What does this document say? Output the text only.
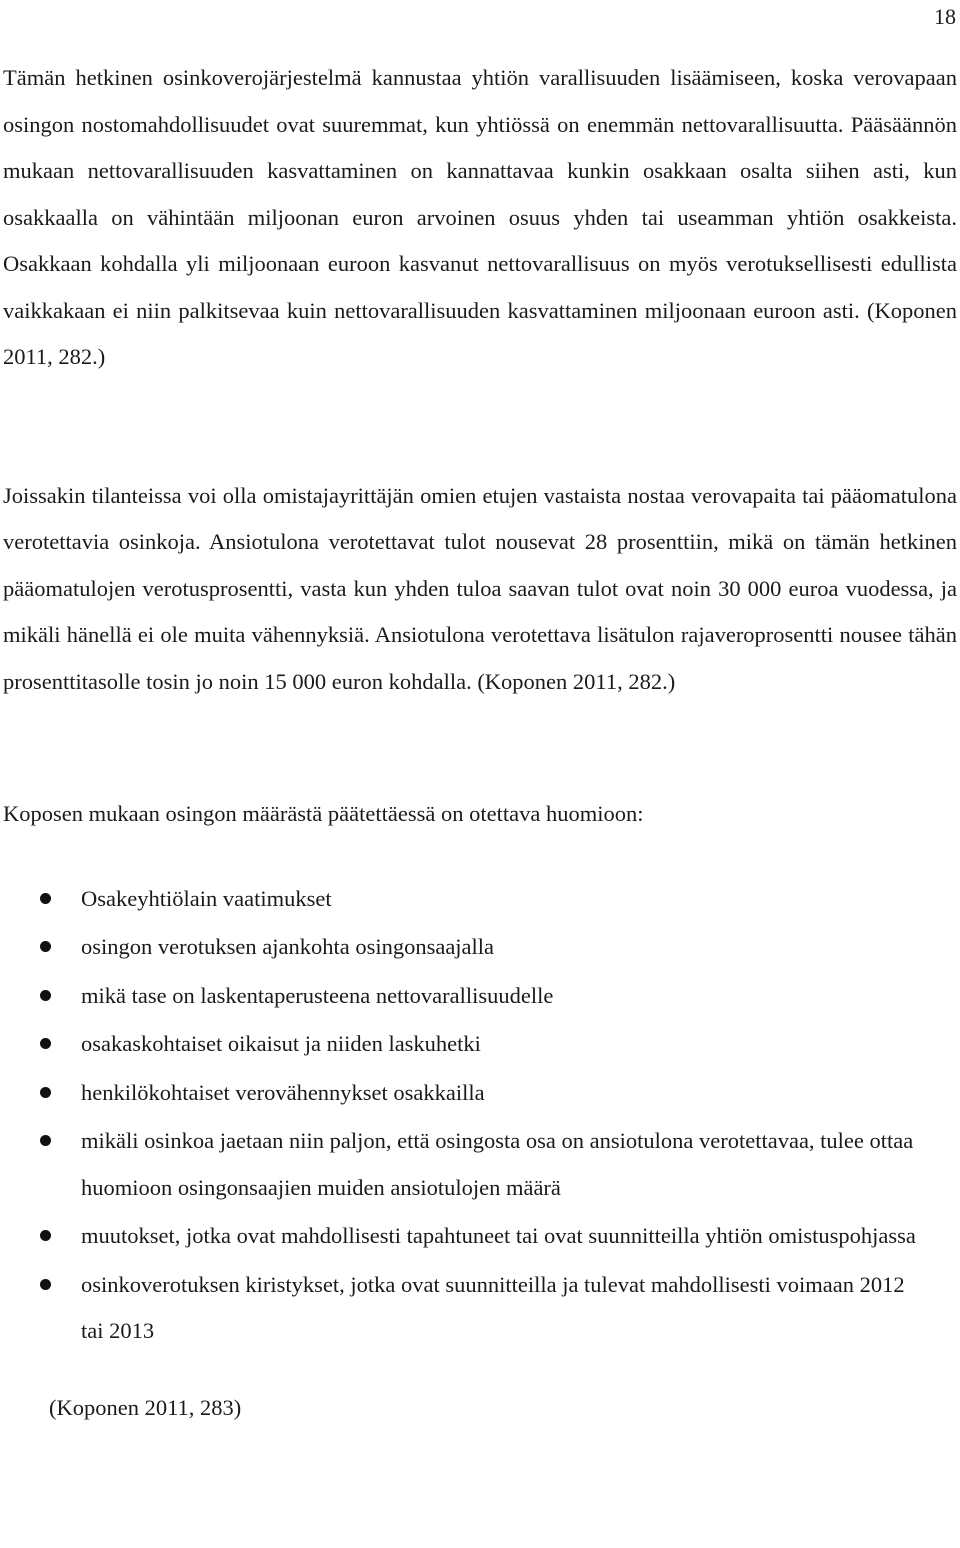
18

Tämän hetkinen osinkoverojärjestelmä kannustaa yhtiön varallisuuden lisäämiseen, koska verovapaan osingon nostomahdollisuudet ovat suuremmat, kun yhtiössä on enemmän nettovarallisuutta. Pääsäännön mukaan nettovarallisuuden kasvattaminen on kannattavaa kunkin osakkaan osalta siihen asti, kun osakkaalla on vähintään miljoonan euron arvoinen osuus yhden tai useamman yhtiön osakkeista. Osakkaan kohdalla yli miljoonaan euroon kasvanut nettovarallisuus on myös verotuksellisesti edullista vaikkakaan ei niin palkitsevaa kuin nettovarallisuuden kasvattaminen miljoonaan euroon asti. (Koponen 2011, 282.)

Joissakin tilanteissa voi olla omistajayrittäjän omien etujen vastaista nostaa verovapaita tai pääomatulona verotettavia osinkoja. Ansiotulona verotettavat tulot nousevat 28 prosenttiin, mikä on tämän hetkinen pääomatulojen verotusprosentti, vasta kun yhden tuloa saavan tulot ovat noin 30 000 euroa vuodessa, ja mikäli hänellä ei ole muita vähennyksiä. Ansiotulona verotettava lisätulon rajaveroprosentti nousee tähän prosenttitasolle tosin jo noin 15 000 euron kohdalla. (Koponen 2011, 282.)

Koposen mukaan osingon määrästä päätettäessä on otettava huomioon:

Osakeyhtiölain vaatimukset
osingon verotuksen ajankohta osingonsaajalla
mikä tase on laskentaperusteena nettovarallisuudelle
osakaskohtaiset oikaisut ja niiden laskuhetki
henkilökohtaiset verovähennykset osakkailla
mikäli osinkoa jaetaan niin paljon, että osingosta osa on ansiotulona verotettavaa, tulee ottaa huomioon osingonsaajien muiden ansiotulojen määrä
muutokset, jotka ovat mahdollisesti tapahtuneet tai ovat suunnitteilla yhtiön omistuspohjassa
osinkoverotuksen kiristykset, jotka ovat suunnitteilla ja tulevat mahdollisesti voimaan 2012 tai 2013

(Koponen 2011, 283)
